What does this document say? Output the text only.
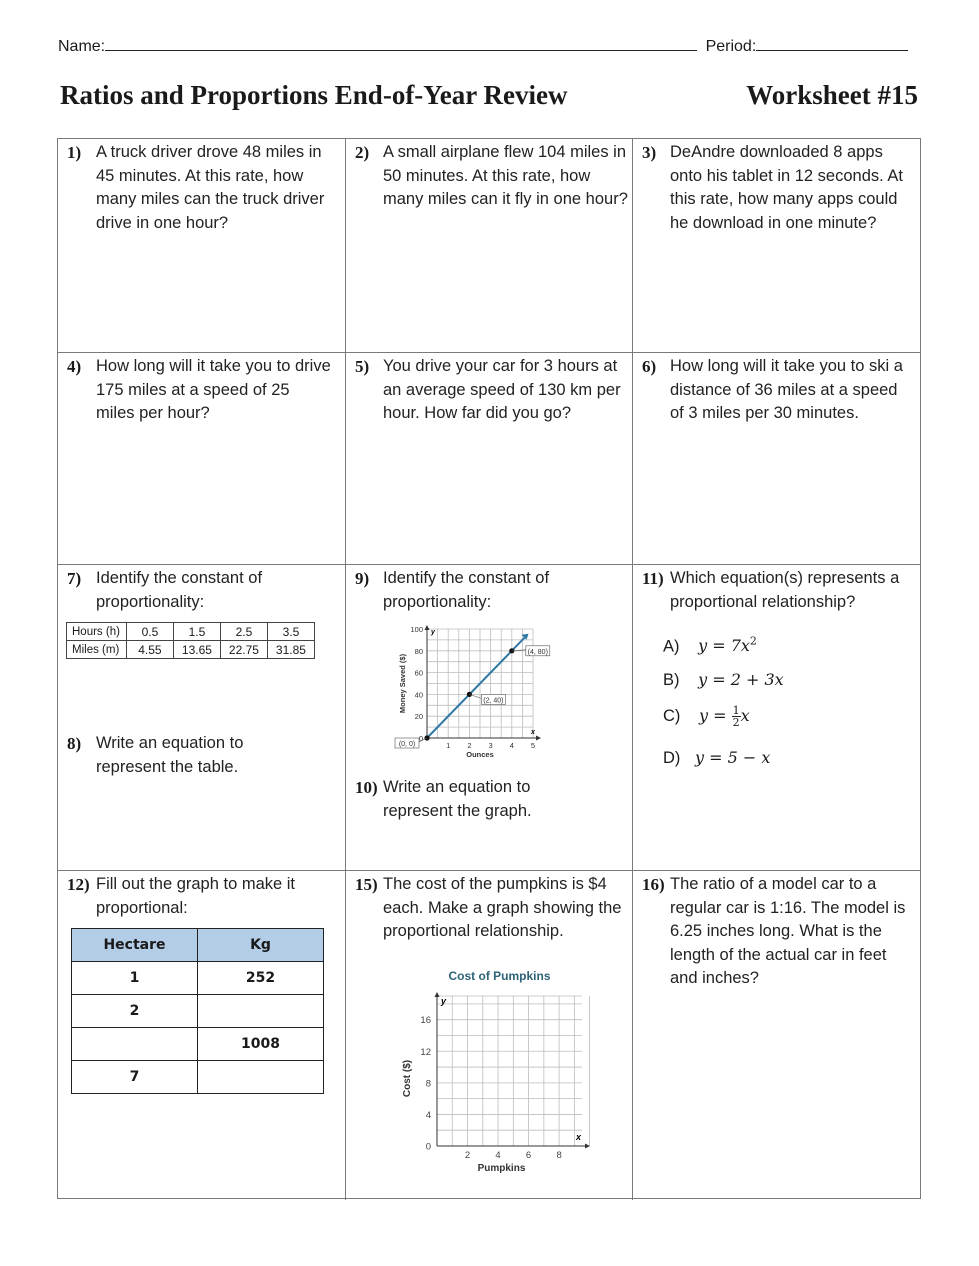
Name:	Period:
Ratios and Proportions End-of-Year Review	Worksheet #15
1) A truck driver drove 48 miles in 45 minutes. At this rate, how many miles can the truck driver drive in one hour?
2) A small airplane flew 104 miles in 50 minutes. At this rate, how many miles can it fly in one hour?
3) DeAndre downloaded 8 apps onto his tablet in 12 seconds. At this rate, how many apps could he download in one minute?
4) How long will it take you to drive 175 miles at a speed of 25 miles per hour?
5) You drive your car for 3 hours at an average speed of 130 km per hour. How far did you go?
6) How long will it take you to ski a distance of 36 miles at a speed of 3 miles per 30 minutes.
7) Identify the constant of proportionality:
Hours (h)	0.5	1.5	2.5	3.5
Miles (m)	4.55	13.65	22.75	31.85
8) Write an equation to represent the table.
9) Identify the constant of proportionality:
x
y
1 2 3 4 5
0
20
40
60
80
100
Ounces
Money Saved ($)
(0, 0)
(2, 40)
(4, 80)
10) Write an equation to represent the graph.
11) Which equation(s) represents a proportional relationship?
A) $y = 7x^2$
B) y = 2 + 3x
C) $y = \frac{1}{2}$ x
D) y = 5 − x
12) Fill out the graph to make it proportional:
Hectare	Kg
1	252
2	
	1008
7	
15) The cost of the pumpkins is $4 each. Make a graph showing the proportional relationship.
Cost of Pumpkins
x
y
2	4	6	8
0
4
8
12
16
Pumpkins
Cost ($)
16) The ratio of a model car to a regular car is 1:16. The model is 6.25 inches long. What is the length of the actual car in feet and inches?
